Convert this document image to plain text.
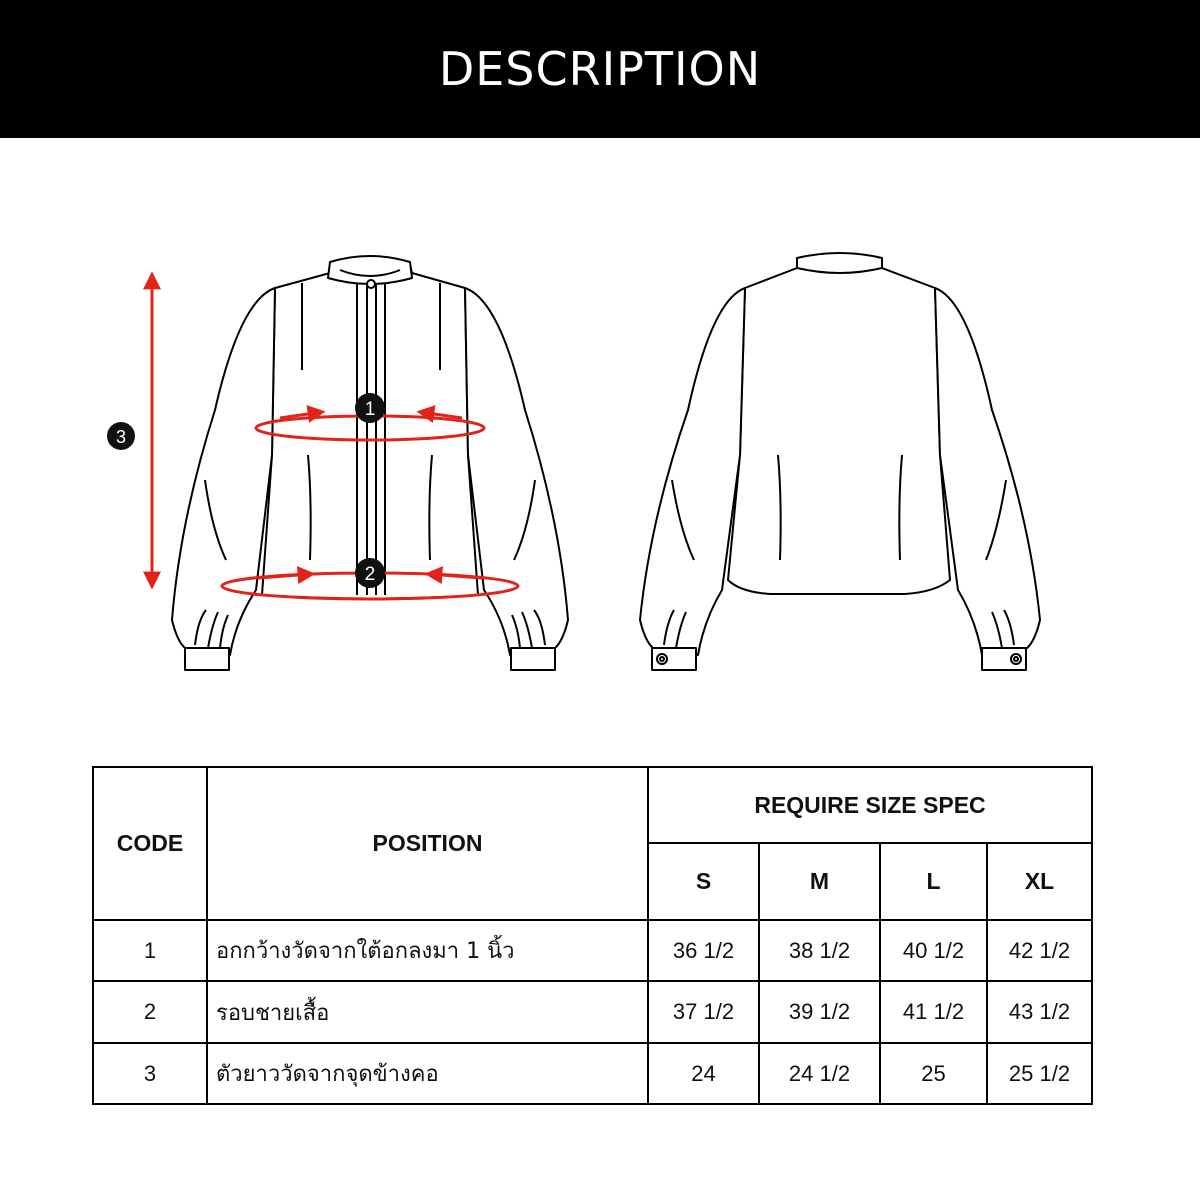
DESCRIPTION
3
1
2
CODE	POSITION	REQUIRE SIZE SPEC			
		S	M	L	XL
1	อกกว้างวัดจากใต้อกลงมา 1 นิ้ว	36 1/2	38 1/2	40 1/2	42 1/2
2	รอบชายเสื้อ	37 1/2	39 1/2	41 1/2	43 1/2
3	ตัวยาววัดจากจุดข้างคอ	24	24 1/2	25	25 1/2
